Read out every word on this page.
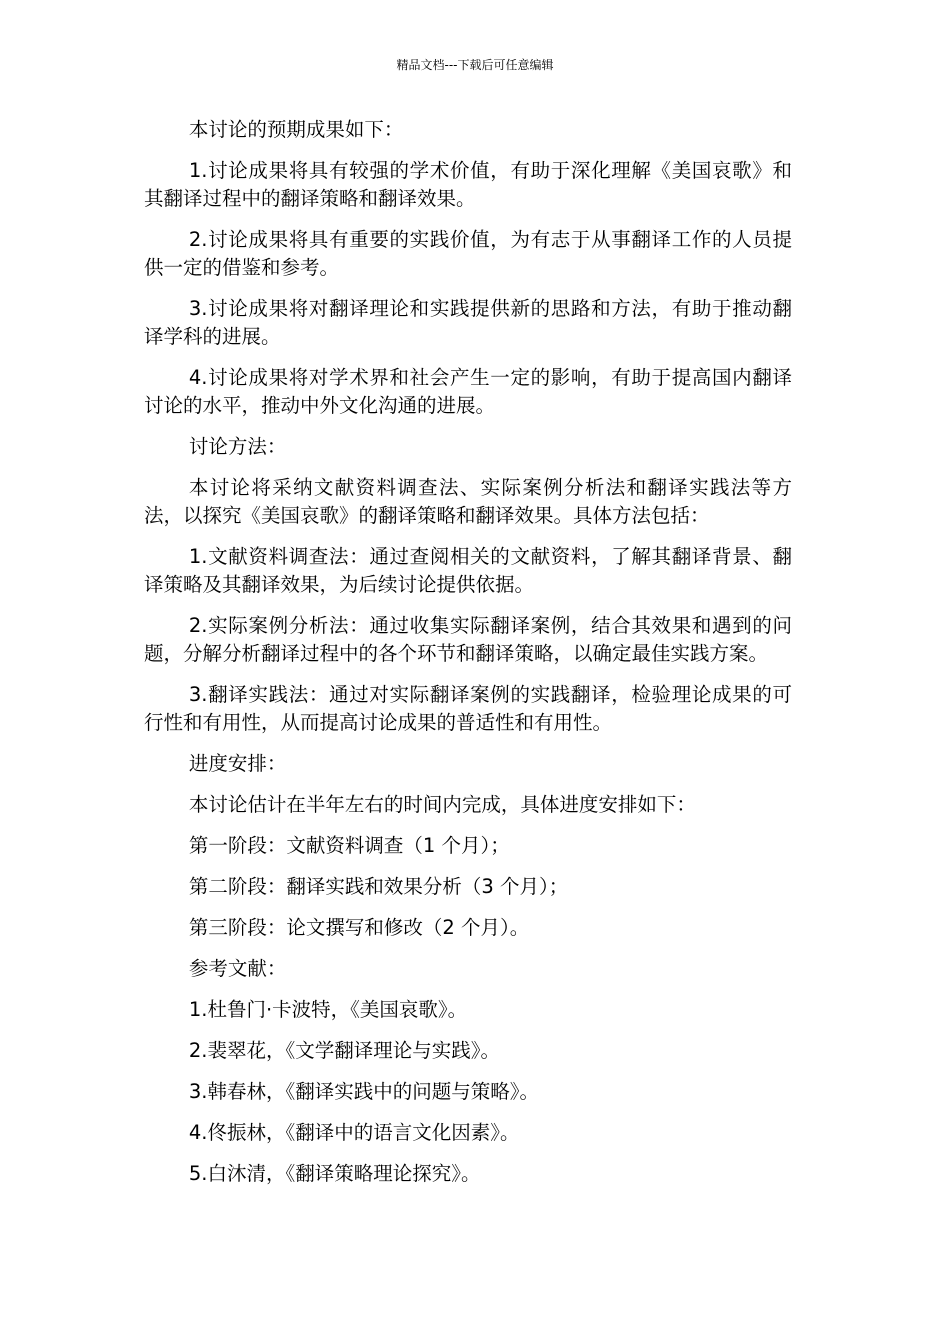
精品文档---下载后可任意编辑

本讨论的预期成果如下：

1.讨论成果将具有较强的学术价值，有助于深化理解《美国哀歌》和其翻译过程中的翻译策略和翻译效果。

2.讨论成果将具有重要的实践价值，为有志于从事翻译工作的人员提供一定的借鉴和参考。

3.讨论成果将对翻译理论和实践提供新的思路和方法，有助于推动翻译学科的进展。

4.讨论成果将对学术界和社会产生一定的影响，有助于提高国内翻译讨论的水平，推动中外文化沟通的进展。

讨论方法：

本讨论将采纳文献资料调查法、实际案例分析法和翻译实践法等方法，以探究《美国哀歌》的翻译策略和翻译效果。具体方法包括：

1.文献资料调查法：通过查阅相关的文献资料，了解其翻译背景、翻译策略及其翻译效果，为后续讨论提供依据。

2.实际案例分析法：通过收集实际翻译案例，结合其效果和遇到的问题，分解分析翻译过程中的各个环节和翻译策略，以确定最佳实践方案。

3.翻译实践法：通过对实际翻译案例的实践翻译，检验理论成果的可行性和有用性，从而提高讨论成果的普适性和有用性。

进度安排：

本讨论估计在半年左右的时间内完成，具体进度安排如下：

第一阶段：文献资料调查（1 个月）；

第二阶段：翻译实践和效果分析（3 个月）；

第三阶段：论文撰写和修改（2 个月）。

参考文献：

1.杜鲁门·卡波特，《美国哀歌》。

2.裴翠花，《文学翻译理论与实践》。

3.韩春林，《翻译实践中的问题与策略》。

4.佟振林，《翻译中的语言文化因素》。

5.白沐清，《翻译策略理论探究》。
